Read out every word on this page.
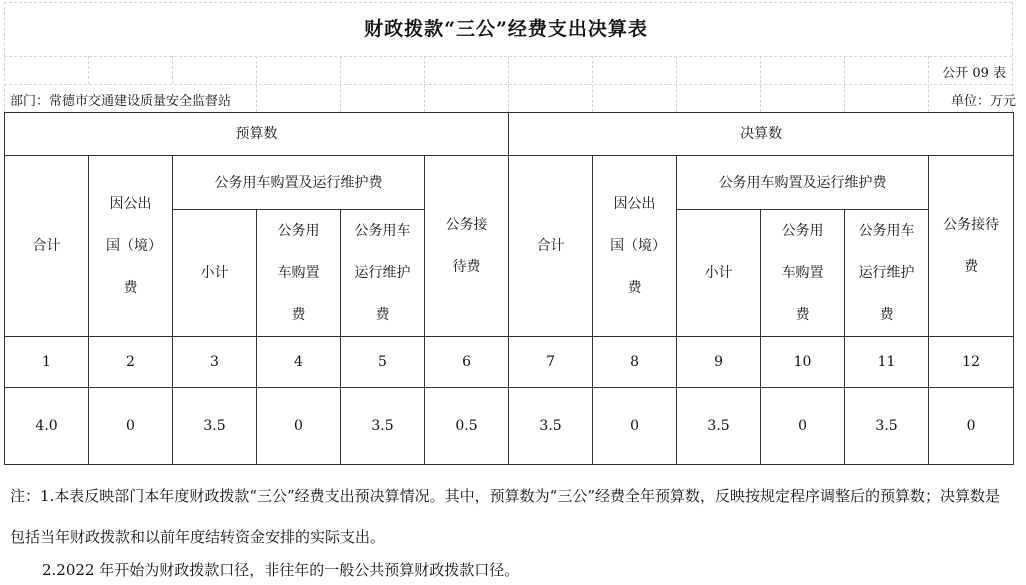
财政拨款“三公”经费支出决算表
公开 09 表
部门：常德市交通建设质量安全监督站	单位：万元
预算数						决算数					
合计	因公出国（境）费	公务用车购置及运行维护费			公务接待费	合计	因公出国（境）费	公务用车购置及运行维护费			公务接待费
		小计	公务用车购置费	公务用车运行维护费				小计	公务用车购置费	公务用车运行维护费	
1	2	3	4	5	6	7	8	9	10	11	12
4.0	0	3.5	0	3.5	0.5	3.5	0	3.5	0	3.5	0
注：1.本表反映部门本年度财政拨款“三公”经费支出预决算情况。其中，预算数为“三公”经费全年预算数，反映按规定程序调整后的预算数；决算数是包括当年财政拨款和以前年度结转资金安排的实际支出。
2.2022 年开始为财政拨款口径，非往年的一般公共预算财政拨款口径。
